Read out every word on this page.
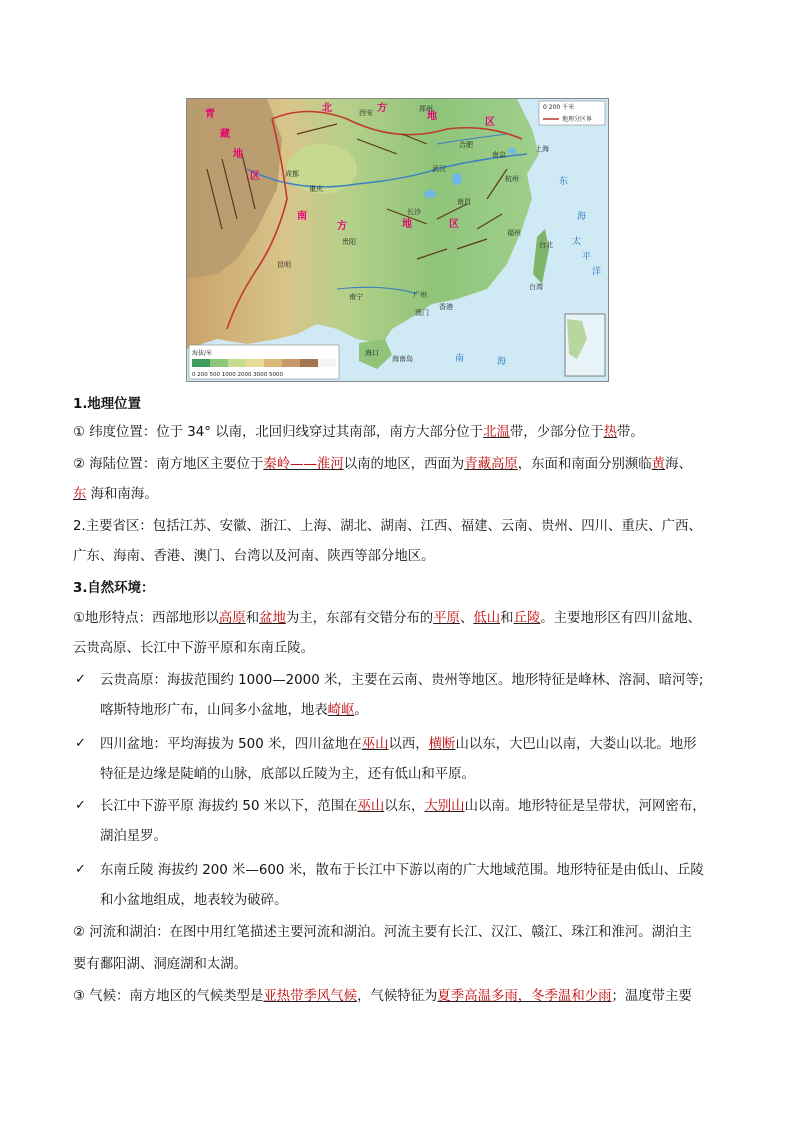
青
藏
地
区
北	方
地
区
南
方	地	区
西安	郑州
合肥
南京
上海
武汉
成都
重庆
杭州
长沙
南昌
福州
贵阳	台北
昆明
南宁	广州
香港
澳门
海口
台湾
海南岛
东
海
太
平
洋
南	海
0 200 千米
地理分区界
海拔/米
0 200 500 1000 2000 3000 5000
1.地理位置
① 纬度位置：位于 34° 以南，北回归线穿过其南部，南方大部分位于北温带，少部分位于热带。
② 海陆位置：南方地区主要位于秦岭——淮河以南的地区，西面为青藏高原，东面和南面分别濒临黄海、
东 海和南海。
2.主要省区：包括江苏、安徽、浙江、上海、湖北、湖南、江西、福建、云南、贵州、四川、重庆、广西、
广东、海南、香港、澳门、台湾以及河南、陕西等部分地区。
3.自然环境：
①地形特点：西部地形以高原和盆地为主，东部有交错分布的平原、低山和丘陵。主要地形区有四川盆地、
云贵高原、长江中下游平原和东南丘陵。
✓ 云贵高原：海拔范围约 1000—2000 米，主要在云南、贵州等地区。地形特征是峰林、溶洞、暗河等;
喀斯特地形广布，山间多小盆地，地表崎岖。
✓ 四川盆地：平均海拔为 500 米，四川盆地在巫山以西，横断山以东，大巴山以南，大娄山以北。地形
特征是边缘是陡峭的山脉，底部以丘陵为主，还有低山和平原。
✓ 长江中下游平原 海拔约 50 米以下，范围在巫山以东，大别山山以南。地形特征是呈带状，河网密布，
湖泊星罗。
✓ 东南丘陵 海拔约 200 米—600 米，散布于长江中下游以南的广大地域范围。地形特征是由低山、丘陵
和小盆地组成，地表较为破碎。
② 河流和湖泊：在图中用红笔描述主要河流和湖泊。河流主要有长江、汉江、赣江、珠江和淮河。湖泊主
要有鄱阳湖、洞庭湖和太湖。
③ 气候：南方地区的气候类型是亚热带季风气候，气候特征为夏季高温多雨，冬季温和少雨；温度带主要
